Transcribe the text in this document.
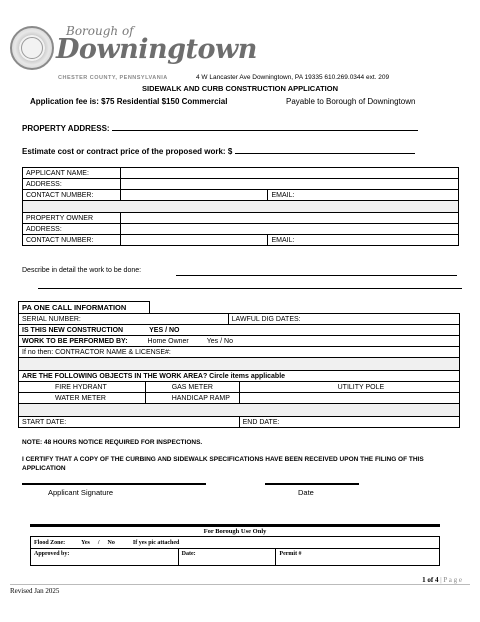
Borough of
Downingtown
CHESTER COUNTY, PENNSYLVANIA	4 W Lancaster Ave Downingtown, PA 19335 610.269.0344 ext. 209
SIDEWALK AND CURB CONSTRUCTION APPLICATION
Application fee is: $75 Residential $150 Commercial	Payable to Borough of Downingtown
PROPERTY ADDRESS:
Estimate cost or contract price of the proposed work: $
APPLICANT NAME:		
ADDRESS:		
CONTACT NUMBER:		EMAIL:

PROPERTY OWNER		
ADDRESS:		
CONTACT NUMBER:		EMAIL:
Describe in detail the work to be done:
PA ONE CALL INFORMATION
SERIAL NUMBER:		LAWFUL DIG DATES:	
IS THIS NEW CONSTRUCTION YES / NO			
WORK TO BE PERFORMED BY: Home Owner Yes / No			
If no then: CONTRACTOR NAME & LICENSE#:			

ARE THE FOLLOWING OBJECTS IN THE WORK AREA? Circle items applicable			
FIRE HYDRANT	GAS METER		UTILITY POLE
WATER METER	HANDICAP RAMP		

START DATE:			END DATE:
NOTE: 48 HOURS NOTICE REQUIRED FOR INSPECTIONS.
I CERTIFY THAT A COPY OF THE CURBING AND SIDEWALK SPECIFICATIONS HAVE BEEN RECEIVED UPON THE FILING OF THIS APPLICATION
Applicant Signature	Date
For Borough Use Only
Flood Zone:	Yes / No	If yes pic attached
Approved by:	Date:	Permit #
1 of 4 | P a g e
Revised Jan 2025
